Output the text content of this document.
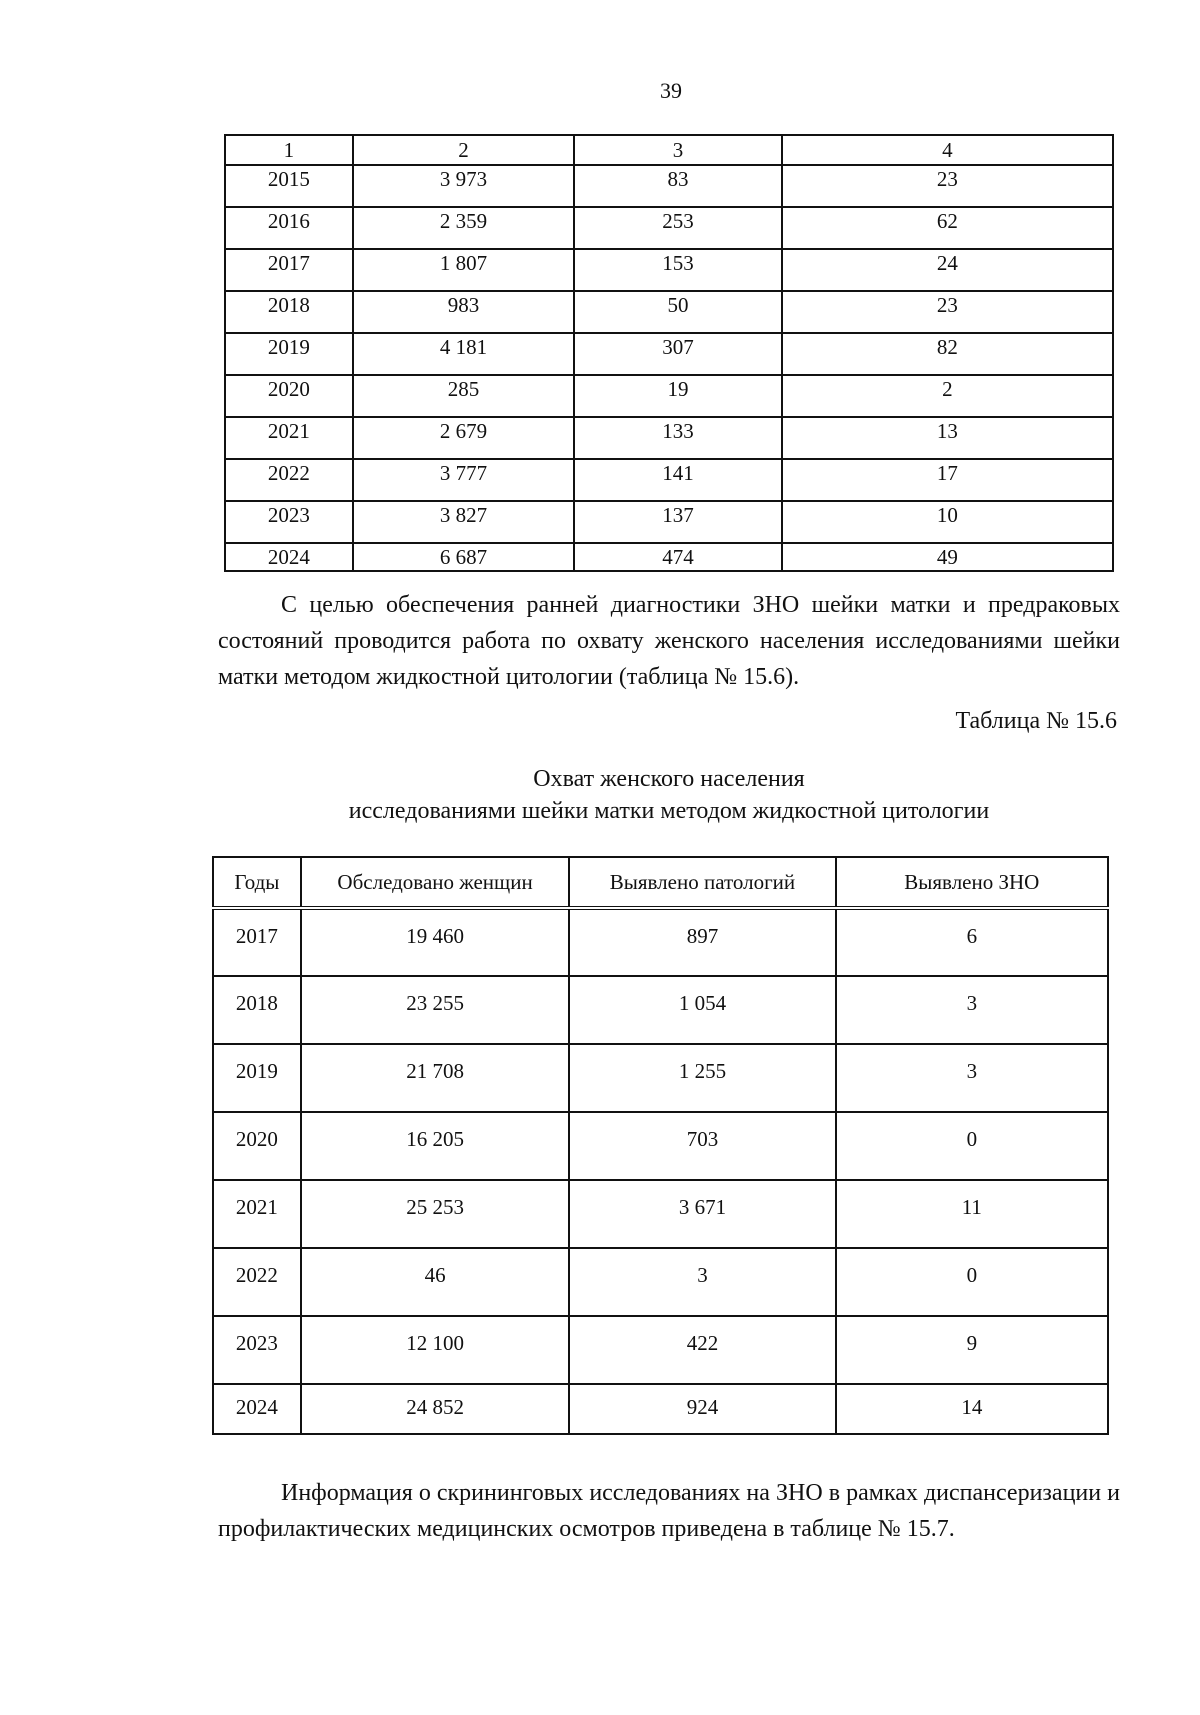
39
1	2	3	4
2015	3 973	83	23
2016	2 359	253	62
2017	1 807	153	24
2018	983	50	23
2019	4 181	307	82
2020	285	19	2
2021	2 679	133	13
2022	3 777	141	17
2023	3 827	137	10
2024	6 687	474	49

С целью обеспечения ранней диагностики ЗНО шейки матки и предраковых состояний проводится работа по охвату женского населения исследованиями шейки матки методом жидкостной цитологии (таблица № 15.6).

Таблица № 15.6
Охват женского населения
исследованиями шейки матки методом жидкостной цитологии
Годы	Обследовано женщин	Выявлено патологий	Выявлено ЗНО
2017	19 460	897	6
2018	23 255	1 054	3
2019	21 708	1 255	3
2020	16 205	703	0
2021	25 253	3 671	11
2022	46	3	0
2023	12 100	422	9
2024	24 852	924	14

Информация о скрининговых исследованиях на ЗНО в рамках диспансеризации и профилактических медицинских осмотров приведена в таблице № 15.7.
